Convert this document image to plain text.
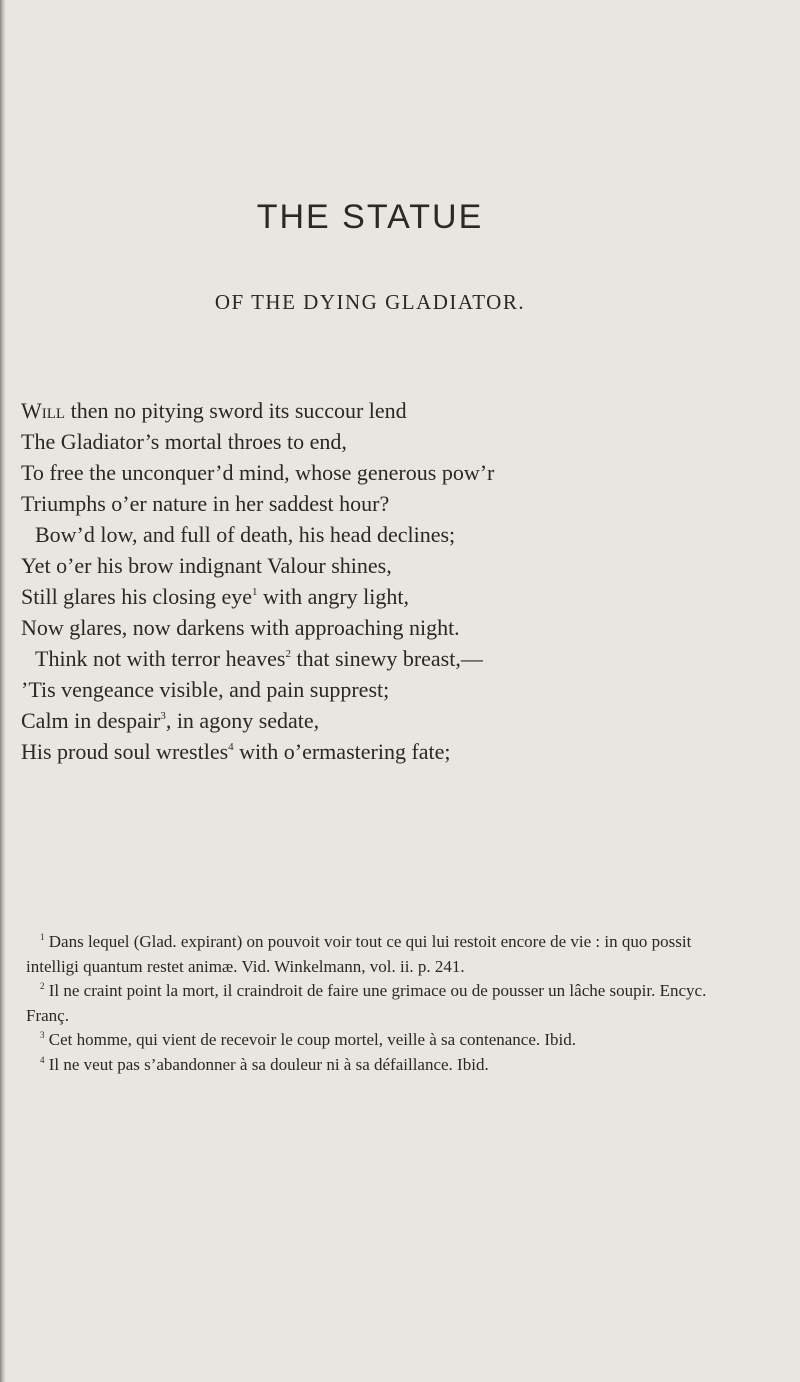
THE STATUE
OF THE DYING GLADIATOR.
Will then no pitying sword its succour lend
The Gladiator’s mortal throes to end,
To free the unconquer’d mind, whose generous pow’r
Triumphs o’er nature in her saddest hour?
Bow’d low, and full of death, his head declines;
Yet o’er his brow indignant Valour shines,
Still glares his closing eye$^1$ with angry light,
Now glares, now darkens with approaching night.
Think not with terror heaves$^2$ that sinewy breast,—
’Tis vengeance visible, and pain supprest;
Calm in despair$^3$, in agony sedate,
His proud soul wrestles$^4$ with o’ermastering fate;

$^1$ Dans lequel (Glad. expirant) on pouvoit voir tout ce qui lui restoit encore de vie : in quo possit intelligi quantum restet animæ. Vid. Winkelmann, vol. ii. p. 241.

$^2$ Il ne craint point la mort, il craindroit de faire une grimace ou de pousser un lâche soupir. Encyc. Franç.

$^3$ Cet homme, qui vient de recevoir le coup mortel, veille à sa contenance. Ibid.

$^4$ Il ne veut pas s’abandonner à sa douleur ni à sa défaillance. Ibid.
